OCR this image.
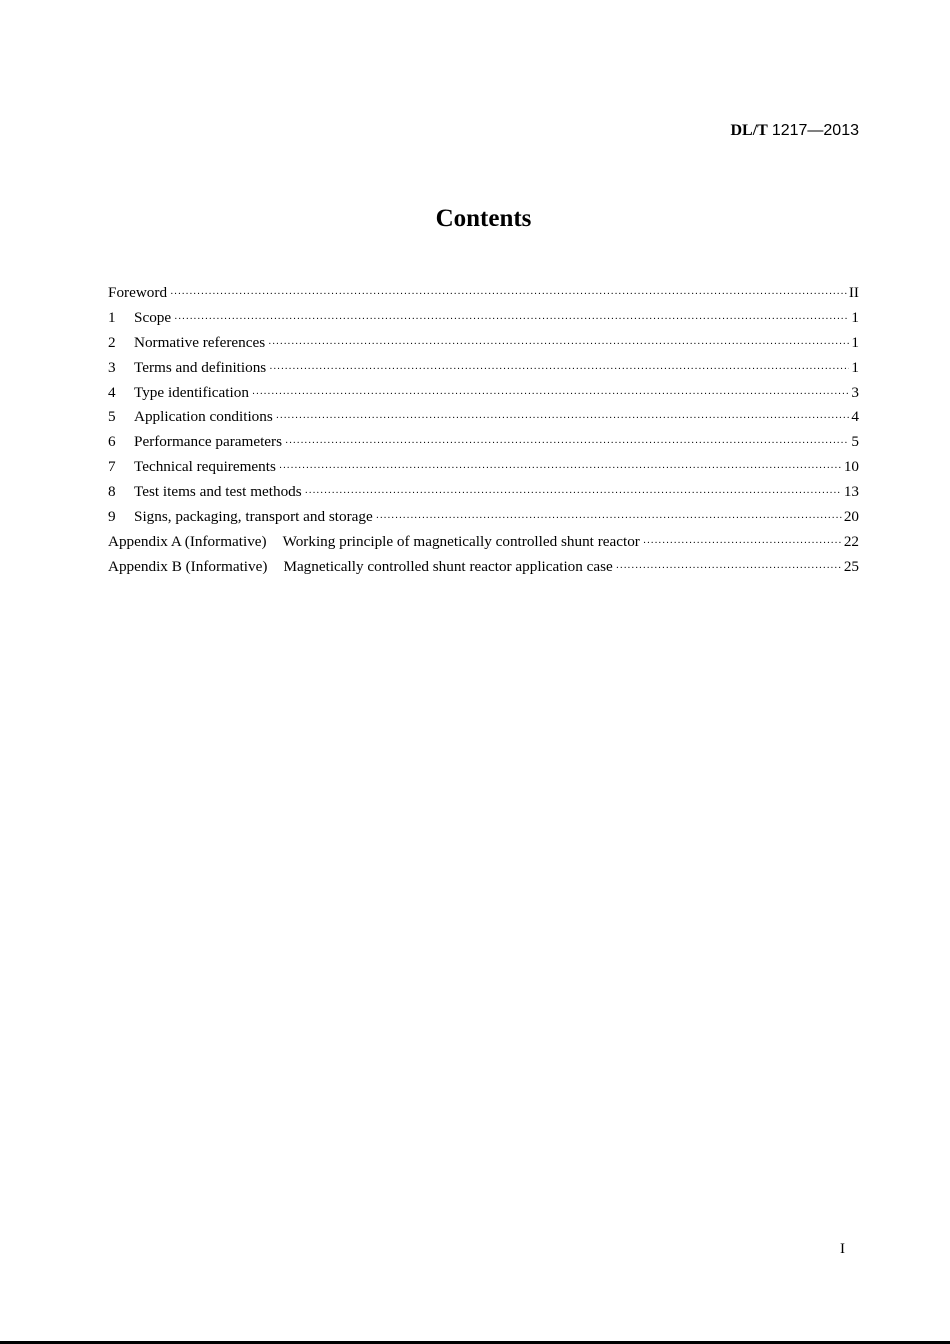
DL/T 1217—2013
Contents
Foreword ·····	II
1	Scope ·····	1
2	Normative references ·····	1
3	Terms and definitions ·····	1
4	Type identification ·····	3
5	Application conditions ·····	4
6	Performance parameters ·····	5
7	Technical requirements ·····	10
8	Test items and test methods ·····	13
9	Signs, packaging, transport and storage ·····	20
Appendix A (Informative)	Working principle of magnetically controlled shunt reactor ·····	22
Appendix B (Informative)	Magnetically controlled shunt reactor application case ·····	25
I
